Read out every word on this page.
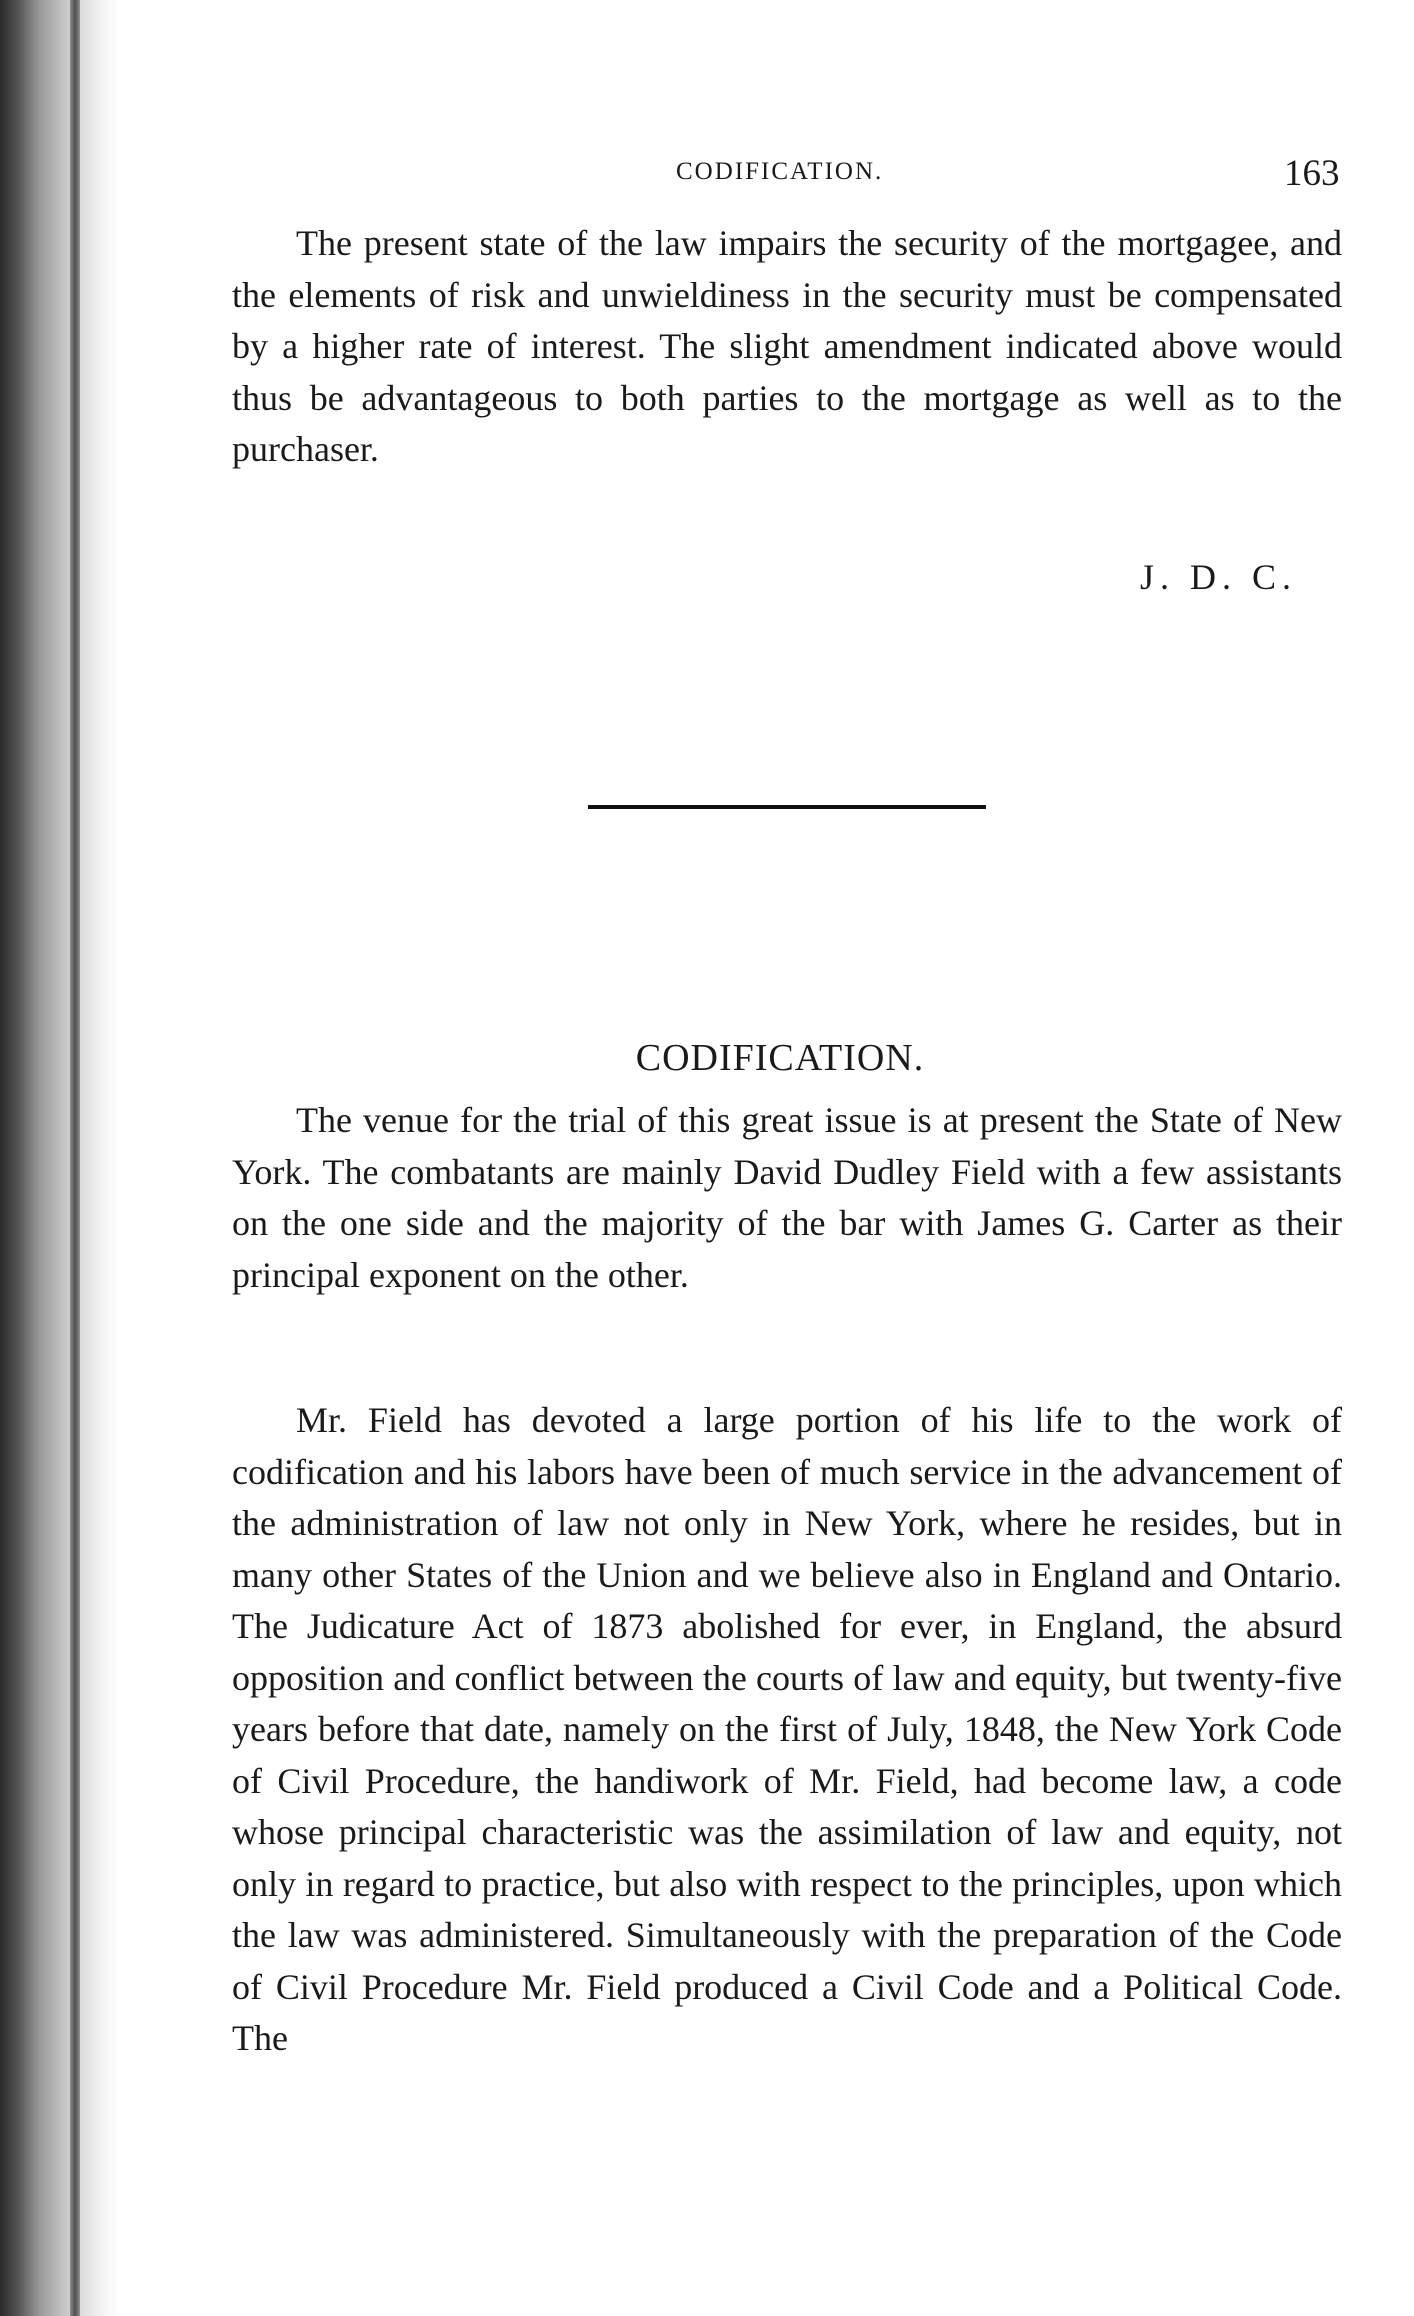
CODIFICATION.	163

The present state of the law impairs the security of the mortgagee, and the elements of risk and unwieldiness in the security must be compensated by a higher rate of interest. The slight amendment indicated above would thus be advantageous to both parties to the mortgage as well as to the purchaser.

J. D. C.
CODIFICATION.

The venue for the trial of this great issue is at present the State of New York. The combatants are mainly David Dudley Field with a few assistants on the one side and the majority of the bar with James G. Carter as their principal exponent on the other.

Mr. Field has devoted a large portion of his life to the work of codification and his labors have been of much service in the advancement of the administration of law not only in New York, where he resides, but in many other States of the Union and we believe also in England and Ontario. The Judicature Act of 1873 abolished for ever, in England, the absurd opposition and conflict between the courts of law and equity, but twenty-five years before that date, namely on the first of July, 1848, the New York Code of Civil Procedure, the handiwork of Mr. Field, had become law, a code whose principal characteristic was the assimilation of law and equity, not only in regard to practice, but also with respect to the principles, upon which the law was administered. Simultaneously with the preparation of the Code of Civil Procedure Mr. Field produced a Civil Code and a Political Code. The
